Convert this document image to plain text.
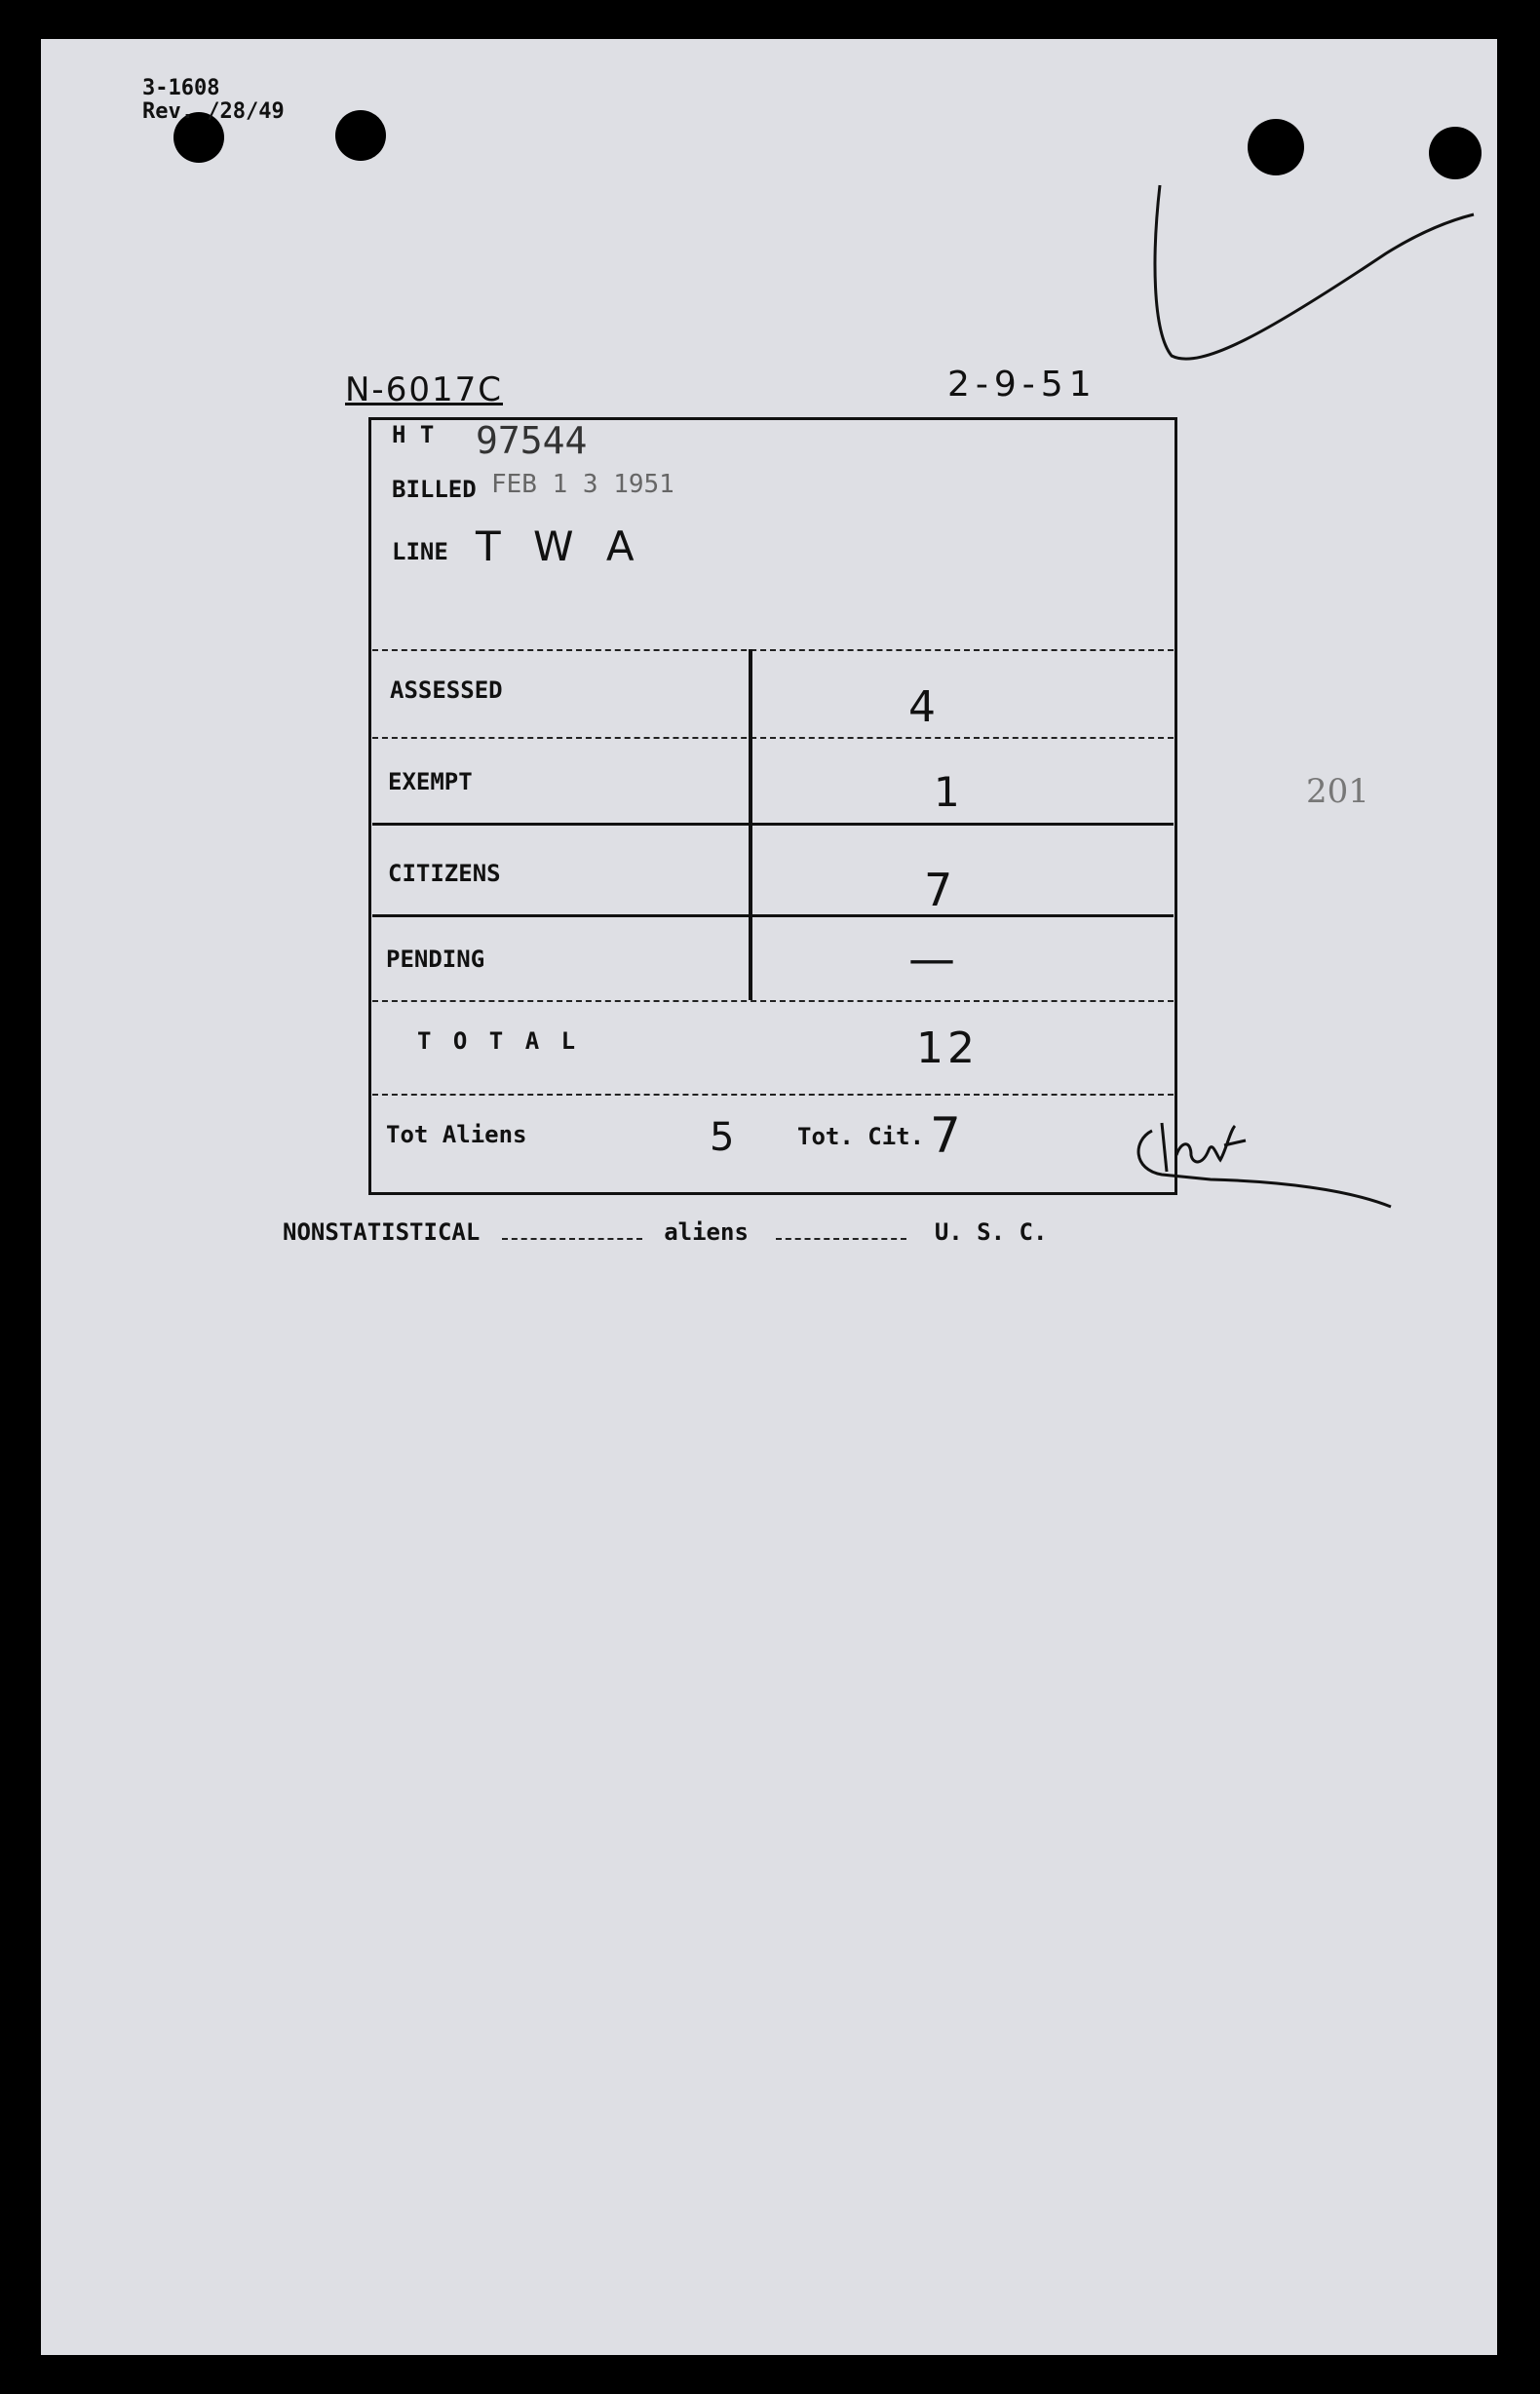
3-1608
Rev. /28/49
N-6017C	2-9-51
H T 97544
BILLED FEB 1 3 1951
LINE T W A
ASSESSED	4
EXEMPT	1
CITIZENS	7
PENDING	—
T O T A L	12
Tot Aliens	5	Tot. Cit. 7
NONSTATISTICAL	aliens	U. S. C.
201
